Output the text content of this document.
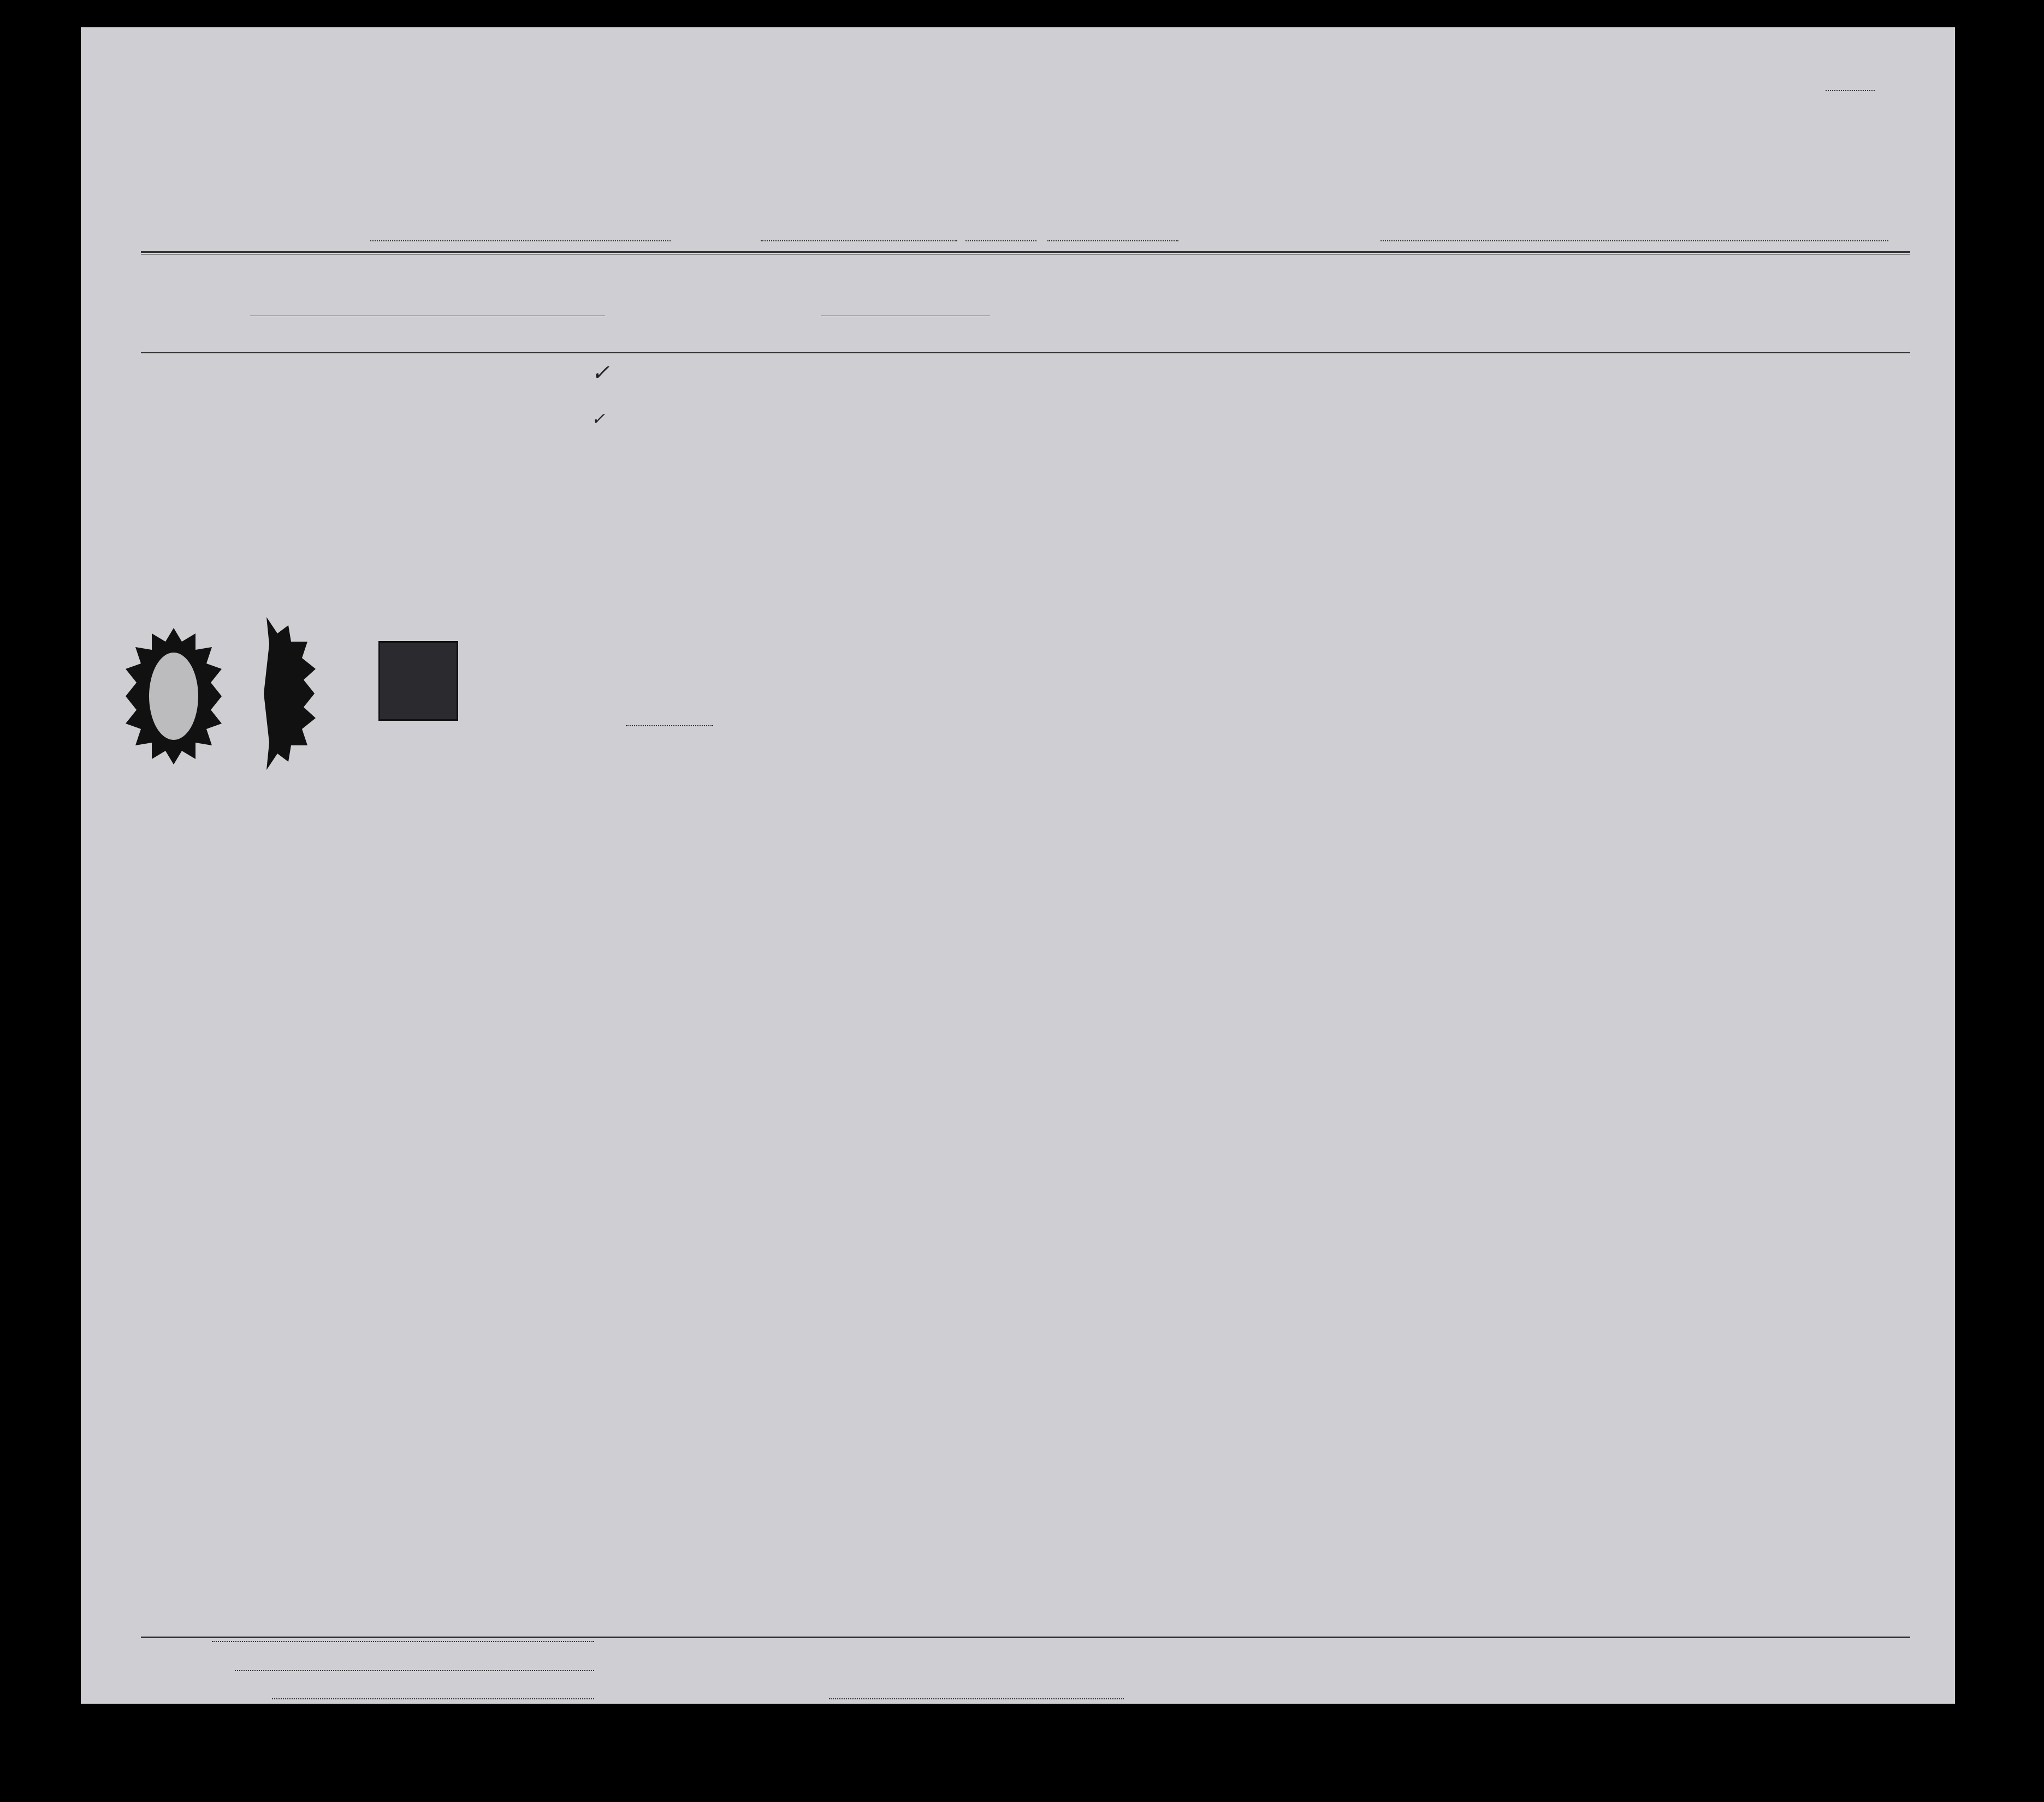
✓
✓
